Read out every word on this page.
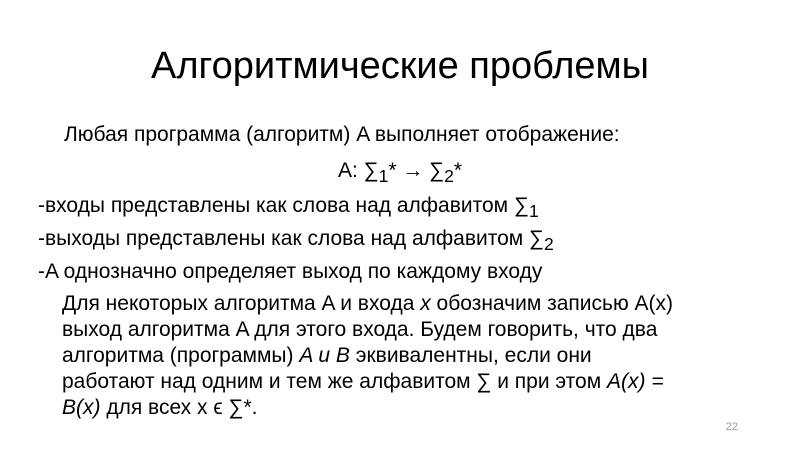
Алгоритмические проблемы
Любая программа (алгоритм) A выполняет отображение:
A: $\sum_1* \to \sum_2*$
-входы представлены как слова над алфавитом $\sum_1$
-выходы представлены как слова над алфавитом $\sum_2$
-A однозначно определяет выход по каждому входу
Для некоторых алгоритма A и входа x обозначим записью A(x)
выход алгоритма A для этого входа. Будем говорить, что два
алгоритма (программы) A и B эквивалентны, если они
работают над одним и тем же алфавитом ∑ и при этом A(x) =
B(x) для всех x ϵ ∑*.
22
